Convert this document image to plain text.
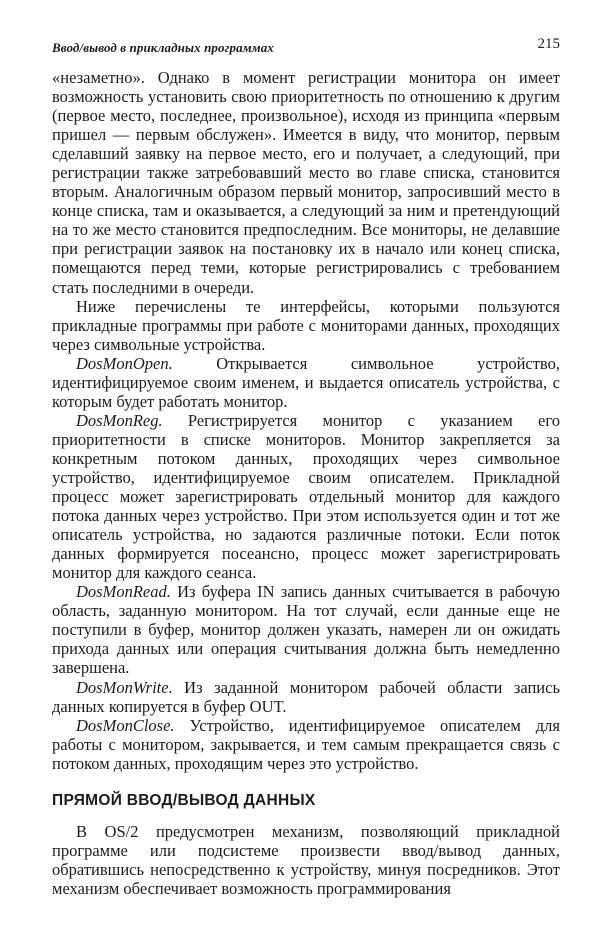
Ввод/вывод в прикладных программах	215

«незаметно». Однако в момент регистрации монитора он имеет возможность установить свою приоритетность по отношению к другим (первое место, последнее, произвольное), исходя из принципа «первым пришел — первым обслужен». Имеется в виду, что монитор, первым сделавший заявку на первое место, его и получает, а следующий, при регистрации также затребовавший место во главе списка, становится вторым. Аналогичным образом первый монитор, запросивший место в конце списка, там и оказывается, а следующий за ним и претендующий на то же место становится предпоследним. Все мониторы, не делавшие при регистрации заявок на постановку их в начало или конец списка, помещаются перед теми, которые регистрировались с требованием стать последними в очереди.

Ниже перечислены те интерфейсы, которыми пользуются прикладные программы при работе с мониторами данных, проходящих через символьные устройства.

DosMonOpen. Открывается символьное устройство, идентифицируемое своим именем, и выдается описатель устройства, с которым будет работать монитор.

DosMonReg. Регистрируется монитор с указанием его приоритетности в списке мониторов. Монитор закрепляется за конкретным потоком данных, проходящих через символьное устройство, идентифицируемое своим описателем. Прикладной процесс может зарегистрировать отдельный монитор для каждого потока данных через устройство. При этом используется один и тот же описатель устройства, но задаются различные потоки. Если поток данных формируется посеансно, процесс может зарегистрировать монитор для каждого сеанса.

DosMonRead. Из буфера IN запись данных считывается в рабочую область, заданную монитором. На тот случай, если данные еще не поступили в буфер, монитор должен указать, намерен ли он ожидать прихода данных или операция считывания должна быть немедленно завершена.

DosMonWrite. Из заданной монитором рабочей области запись данных копируется в буфер OUT.

DosMonClose. Устройство, идентифицируемое описателем для работы с монитором, закрывается, и тем самым прекращается связь с потоком данных, проходящим через это устройство.

ПРЯМОЙ ВВОД/ВЫВОД ДАННЫХ

В OS/2 предусмотрен механизм, позволяющий прикладной программе или подсистеме произвести ввод/вывод данных, обратившись непосредственно к устройству, минуя посредников. Этот механизм обеспечивает возможность программирования
